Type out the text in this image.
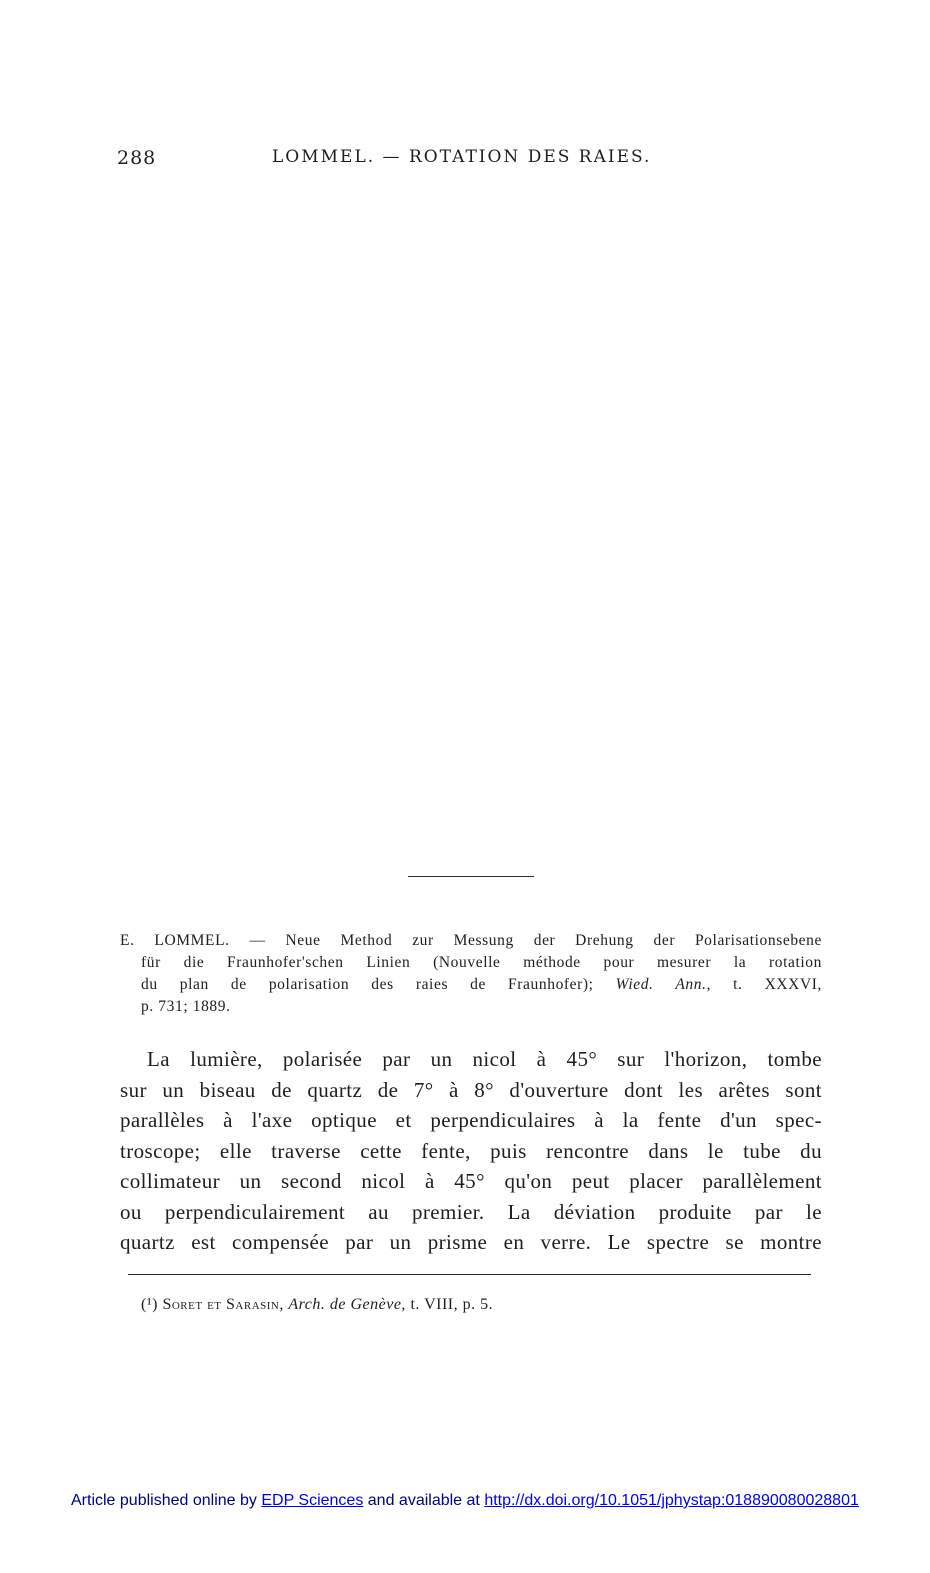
288	LOMMEL. — ROTATION DES RAIES.
E. LOMMEL. — Neue Method zur Messung der Drehung der Polarisationsebene
für die Fraunhofer'schen Linien (Nouvelle méthode pour mesurer la rotation
du plan de polarisation des raies de Fraunhofer); Wied. Ann., t. XXXVI,
p. 731; 1889.
La lumière, polarisée par un nicol à 45° sur l'horizon, tombe
sur un biseau de quartz de 7° à 8° d'ouverture dont les arêtes sont
parallèles à l'axe optique et perpendiculaires à la fente d'un spec-
troscope; elle traverse cette fente, puis rencontre dans le tube du
collimateur un second nicol à 45° qu'on peut placer parallèlement
ou perpendiculairement au premier. La déviation produite par le
quartz est compensée par un prisme en verre. Le spectre se montre
(¹) Soret et Sarasin, Arch. de Genève, t. VIII, p. 5.
Article published online by EDP Sciences and available at http://dx.doi.org/10.1051/jphystap:018890080028801
